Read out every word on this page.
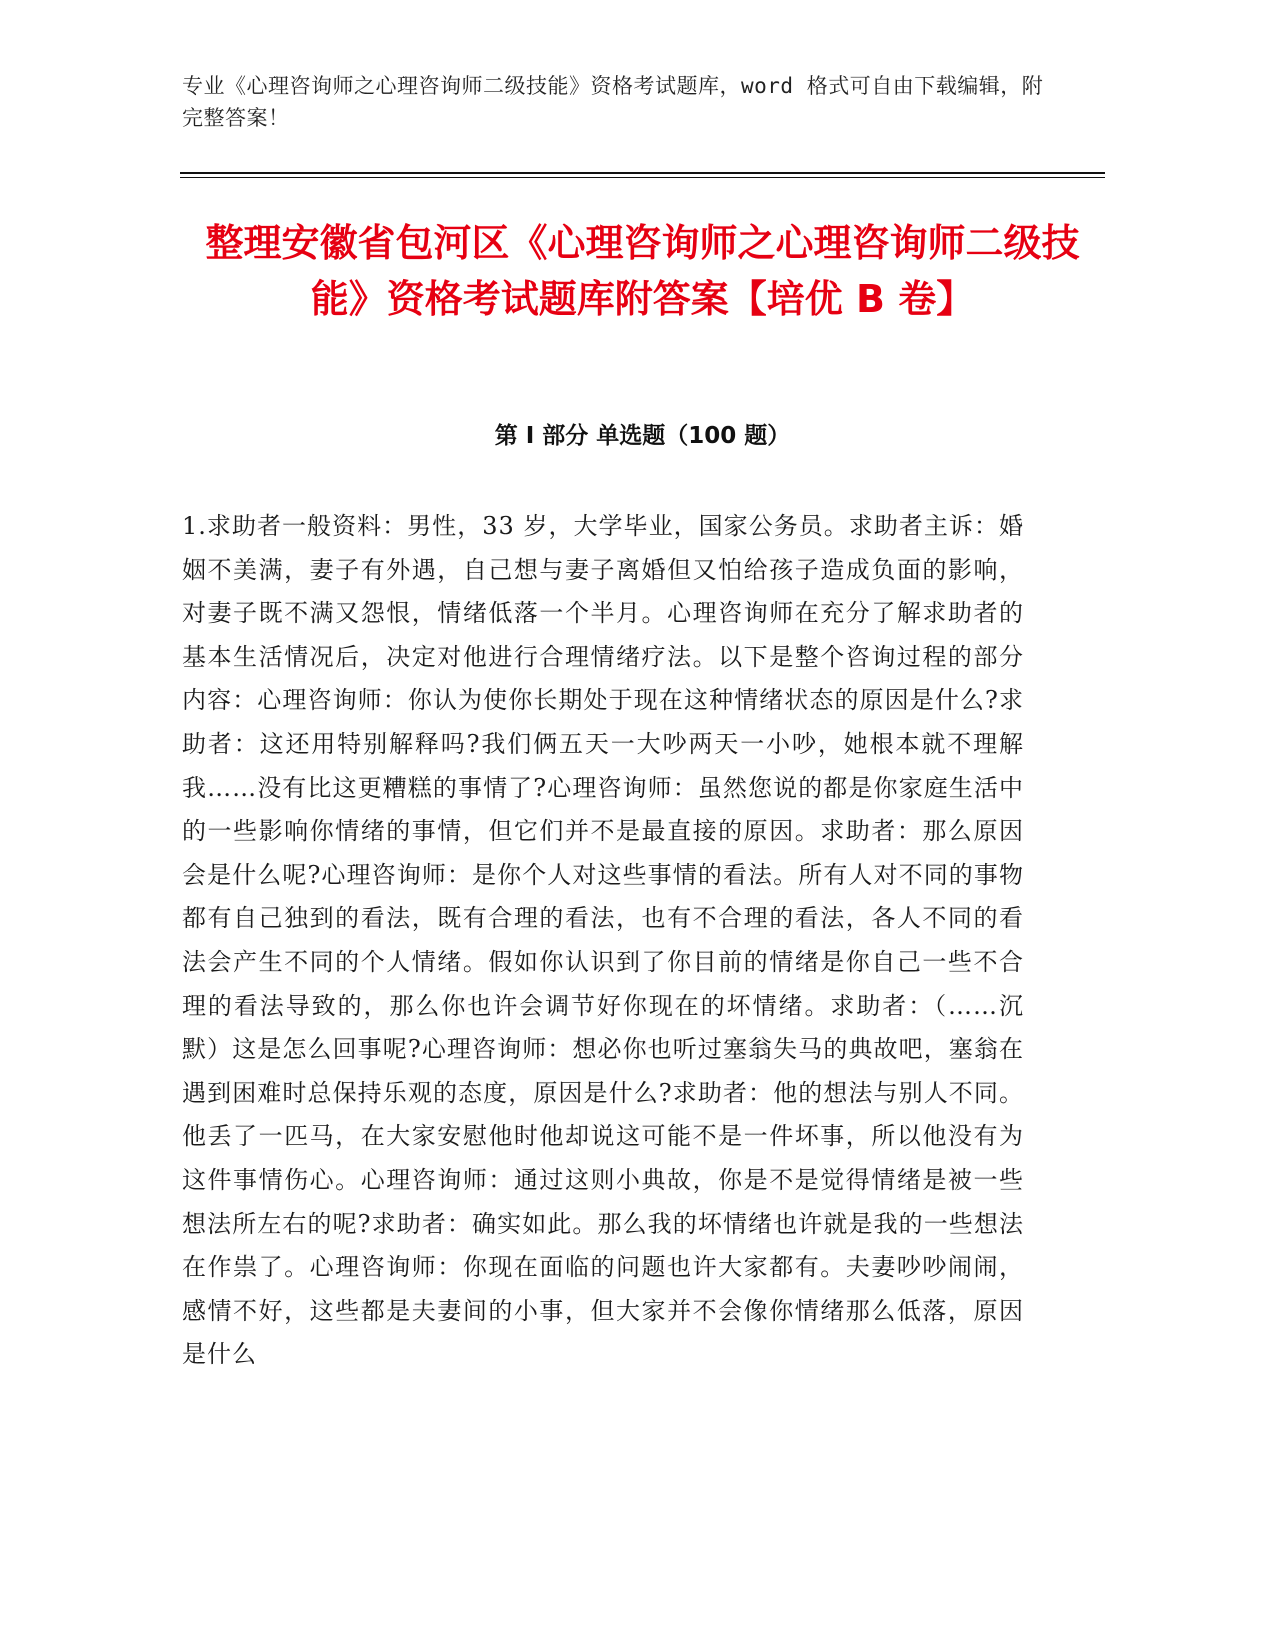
专业《心理咨询师之心理咨询师二级技能》资格考试题库，word 格式可自由下载编辑，附完整答案！
整理安徽省包河区《心理咨询师之心理咨询师二级技能》资格考试题库附答案【培优 B 卷】
第 I 部分 单选题（100 题）

1.求助者一般资料：男性，33 岁，大学毕业，国家公务员。求助者主诉：婚姻不美满，妻子有外遇，自己想与妻子离婚但又怕给孩子造成负面的影响，对妻子既不满又怨恨，情绪低落一个半月。心理咨询师在充分了解求助者的基本生活情况后，决定对他进行合理情绪疗法。以下是整个咨询过程的部分内容：心理咨询师：你认为使你长期处于现在这种情绪状态的原因是什么?求助者：这还用特别解释吗?我们俩五天一大吵两天一小吵，她根本就不理解我……没有比这更糟糕的事情了?心理咨询师：虽然您说的都是你家庭生活中的一些影响你情绪的事情，但它们并不是最直接的原因。求助者：那么原因会是什么呢?心理咨询师：是你个人对这些事情的看法。所有人对不同的事物都有自己独到的看法，既有合理的看法，也有不合理的看法，各人不同的看法会产生不同的个人情绪。假如你认识到了你目前的情绪是你自己一些不合理的看法导致的，那么你也许会调节好你现在的坏情绪。求助者：（……沉默）这是怎么回事呢?心理咨询师：想必你也听过塞翁失马的典故吧，塞翁在遇到困难时总保持乐观的态度，原因是什么?求助者：他的想法与别人不同。他丢了一匹马，在大家安慰他时他却说这可能不是一件坏事，所以他没有为这件事情伤心。心理咨询师：通过这则小典故，你是不是觉得情绪是被一些想法所左右的呢?求助者：确实如此。那么我的坏情绪也许就是我的一些想法在作祟了。心理咨询师：你现在面临的问题也许大家都有。夫妻吵吵闹闹，感情不好，这些都是夫妻间的小事，但大家并不会像你情绪那么低落，原因是什么
